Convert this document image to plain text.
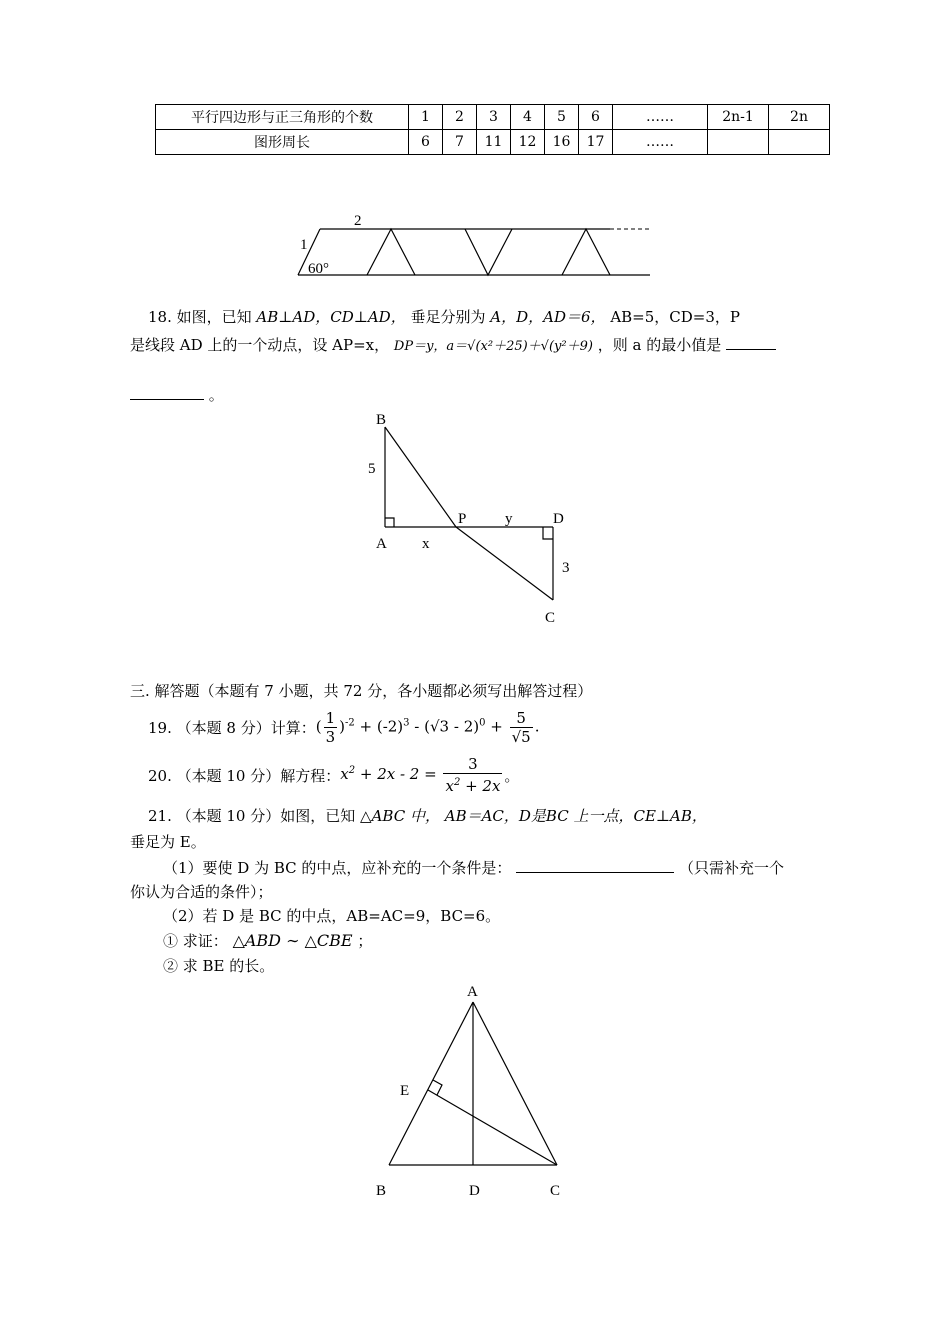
平行四边形与正三角形的个数	1	2	3	4	5	6	……	2n-1	2n
图形周长	6	7	11	12	16	17	……		
2
1
60°
18. 如图，已知 AB⊥AD，CD⊥AD， 垂足分别为 A，D，AD＝6， AB=5，CD=3，P
是线段 AD 上的一个动点，设 AP=x， DP＝y，a＝√(x²＋25)＋√(y²＋9) ，则 a 的最小值是
。
B
5
A x
P	y	D
3
C
三. 解答题（本题有 7 小题，共 72 分，各小题都必须写出解答过程）
19. （本题 8 分）计算： ( $\frac{1}{3} )^{-2} + (-2)^3 - (√3 - 2)^0 + \frac{5}{√5}$ .
20. （本题 10 分）解方程： $x^2 + 2x - 2 = \frac{3}{x^2 + 2x}$ 。
21. （本题 10 分）如图，已知 △ABC 中， AB＝AC，D是BC 上一点，CE⊥AB，
垂足为 E。
（1）要使 D 为 BC 的中点，应补充的一个条件是：	（只需补充一个
你认为合适的条件）；
（2）若 D 是 BC 的中点，AB=AC=9，BC=6。
① 求证： △ABD ∼ △CBE ；
② 求 BE 的长。
A
E
B	D	C
